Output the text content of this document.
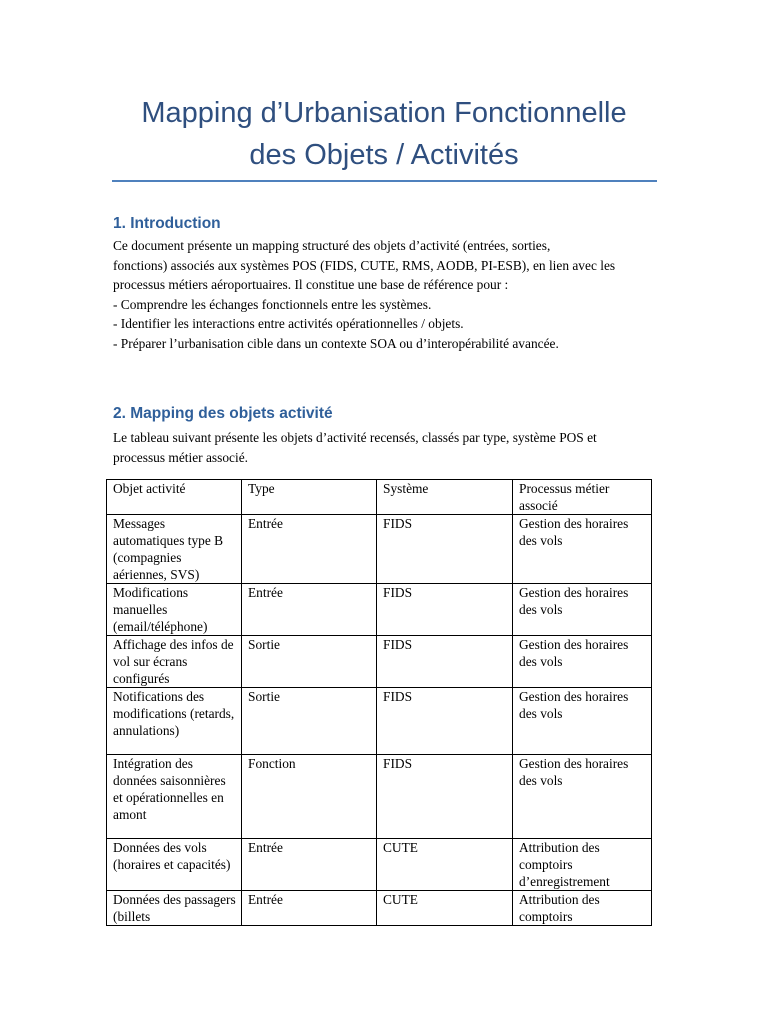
Mapping d’Urbanisation Fonctionnelle
des Objets / Activités
1. Introduction

Ce document présente un mapping structuré des objets d’activité (entrées, sorties,

fonctions) associés aux systèmes POS (FIDS, CUTE, RMS, AODB, PI-ESB), en lien avec les

processus métiers aéroportuaires. Il constitue une base de référence pour :

- Comprendre les échanges fonctionnels entre les systèmes.

- Identifier les interactions entre activités opérationnelles / objets.

- Préparer l’urbanisation cible dans un contexte SOA ou d’interopérabilité avancée.

2. Mapping des objets activité

Le tableau suivant présente les objets d’activité recensés, classés par type, système POS et

processus métier associé.

Objet activité	Type	Système	Processus métier associé
Messages automatiques type B (compagnies aériennes, SVS)	Entrée	FIDS	Gestion des horaires des vols
Modifications manuelles (email/téléphone)	Entrée	FIDS	Gestion des horaires des vols
Affichage des infos de vol sur écrans configurés	Sortie	FIDS	Gestion des horaires des vols
Notifications des modifications (retards, annulations)	Sortie	FIDS	Gestion des horaires des vols
Intégration des données saisonnières et opérationnelles en amont	Fonction	FIDS	Gestion des horaires des vols
Données des vols (horaires et capacités)	Entrée	CUTE	Attribution des comptoirs d’enregistrement
Données des passagers (billets	Entrée	CUTE	Attribution des comptoirs
